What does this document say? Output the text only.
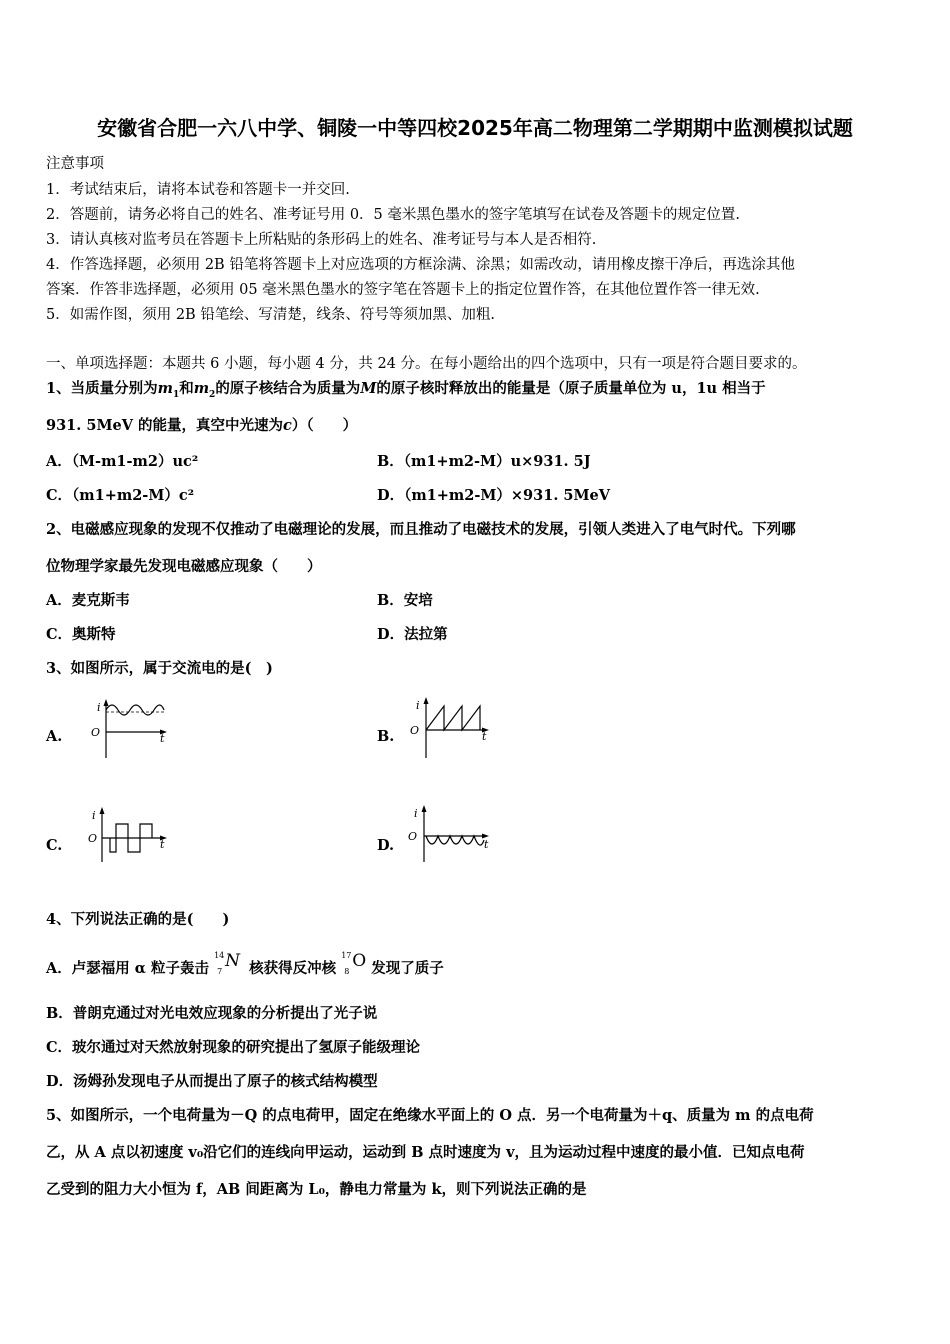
安徽省合肥一六八中学、铜陵一中等四校2025年高二物理第二学期期中监测模拟试题
注意事项
1．考试结束后，请将本试卷和答题卡一并交回.
2．答题前，请务必将自己的姓名、准考证号用 0．5 毫米黑色墨水的签字笔填写在试卷及答题卡的规定位置.
3．请认真核对监考员在答题卡上所粘贴的条形码上的姓名、准考证号与本人是否相符.
4．作答选择题，必须用 2B 铅笔将答题卡上对应选项的方框涂满、涂黑；如需改动，请用橡皮擦干净后，再选涂其他
答案．作答非选择题，必须用 05 毫米黑色墨水的签字笔在答题卡上的指定位置作答，在其他位置作答一律无效.
5．如需作图，须用 2B 铅笔绘、写清楚，线条、符号等须加黑、加粗.
一、单项选择题：本题共 6 小题，每小题 4 分，共 24 分。在每小题给出的四个选项中，只有一项是符合题目要求的。
1、当质量分别为$m_1$和$m_2$的原子核结合为质量为M的原子核时释放出的能量是（原子质量单位为 u，1u 相当于
931. 5MeV 的能量，真空中光速为c）（　　）
A．（M-m1-m2）uc²	B．（m1+m2-M）u×931. 5J
C．（m1+m2-M）c²	D．（m1+m2-M）×931. 5MeV
2、电磁感应现象的发现不仅推动了电磁理论的发展，而且推动了电磁技术的发展，引领人类进入了电气时代。下列哪
位物理学家最先发现电磁感应现象（　　）
A．麦克斯韦	B．安培
C．奥斯特	D．法拉第
3、如图所示，属于交流电的是(　)
A.
i
O	t	B.
i
O	t
C.
i
O	t	D.
i
O
t
4、下列说法正确的是(　　)
A．卢瑟福用 α 粒子轰击
14
7
N 核获得反冲核
17
8
O 发现了质子
B．普朗克通过对光电效应现象的分析提出了光子说
C．玻尔通过对天然放射现象的研究提出了氢原子能级理论
D．汤姆孙发现电子从而提出了原子的核式结构模型
5、如图所示，一个电荷量为－Q 的点电荷甲，固定在绝缘水平面上的 O 点．另一个电荷量为＋q、质量为 m 的点电荷
乙，从 A 点以初速度 v₀沿它们的连线向甲运动，运动到 B 点时速度为 v，且为运动过程中速度的最小值．已知点电荷
乙受到的阻力大小恒为 f，AB 间距离为 L₀，静电力常量为 k，则下列说法正确的是
